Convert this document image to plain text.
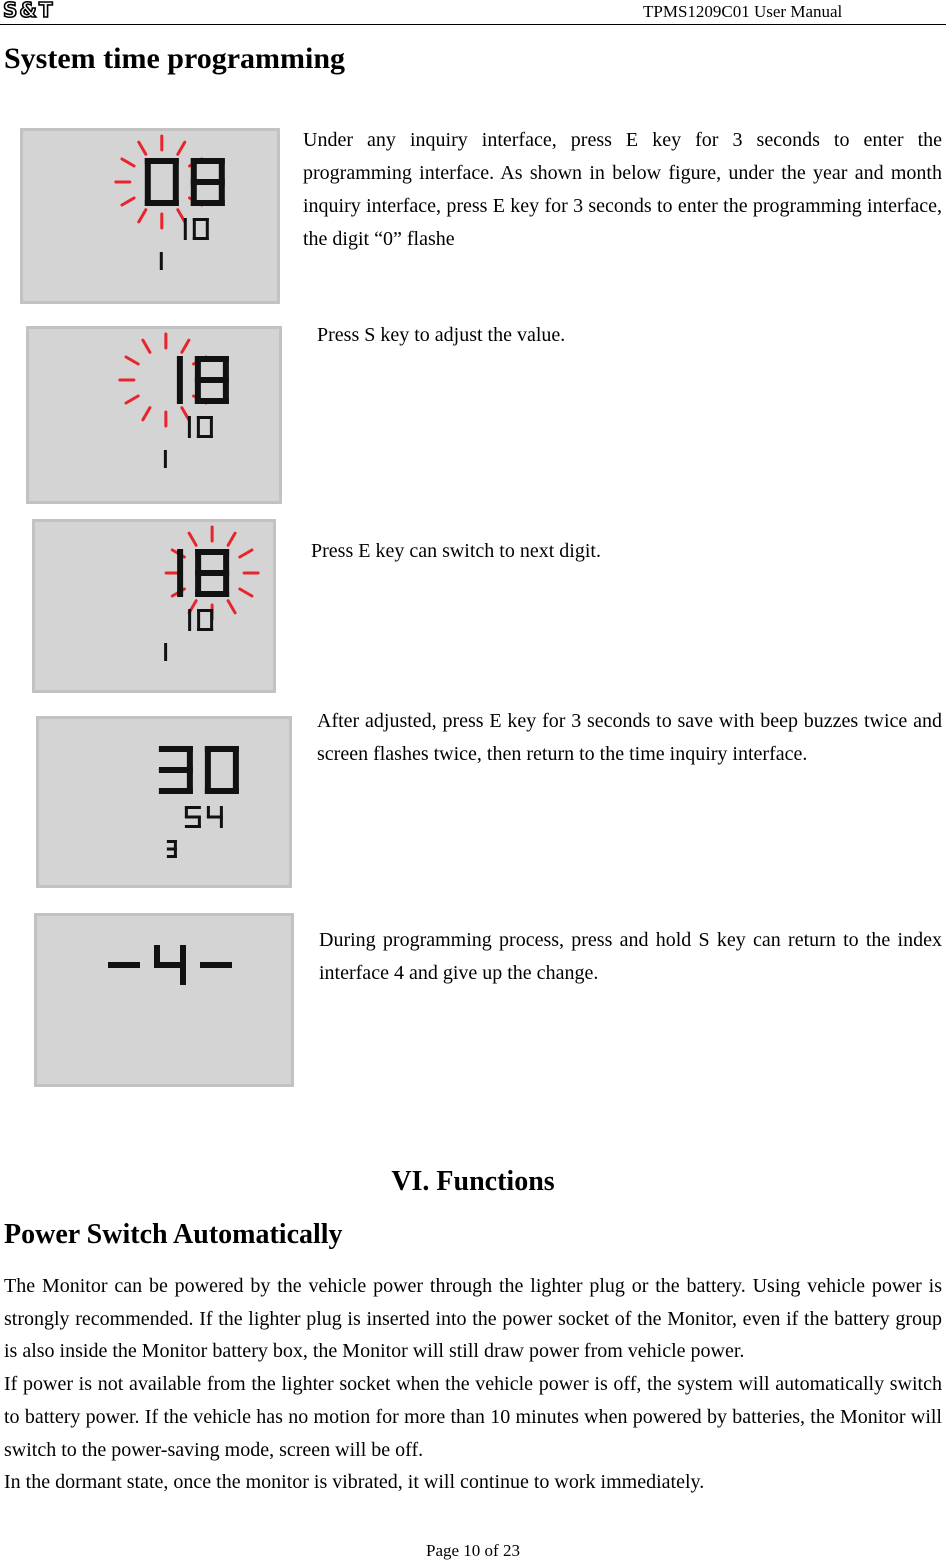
S&T	TPMS1209C01 User Manual
System time programming
Under any inquiry interface, press E key for 3 seconds to enter the programming interface. As shown in below figure, under the year and month inquiry interface, press E key for 3 seconds to enter the programming interface, the digit “0” flashe
Press S key to adjust the value.
Press E key can switch to next digit.
After adjusted, press E key for 3 seconds to save with beep buzzes twice and screen flashes twice, then return to the time inquiry interface.
During programming process, press and hold S key can return to the index interface 4 and give up the change.
VI. Functions
Power Switch Automatically

The Monitor can be powered by the vehicle power through the lighter plug or the battery. Using vehicle power is strongly recommended. If the lighter plug is inserted into the power socket of the Monitor, even if the battery group is also inside the Monitor battery box, the Monitor will still draw power from vehicle power.

If power is not available from the lighter socket when the vehicle power is off, the system will automatically switch to battery power. If the vehicle has no motion for more than 10 minutes when powered by batteries, the Monitor will switch to the power-saving mode, screen will be off.

In the dormant state, once the monitor is vibrated, it will continue to work immediately.

Page 10 of 23
